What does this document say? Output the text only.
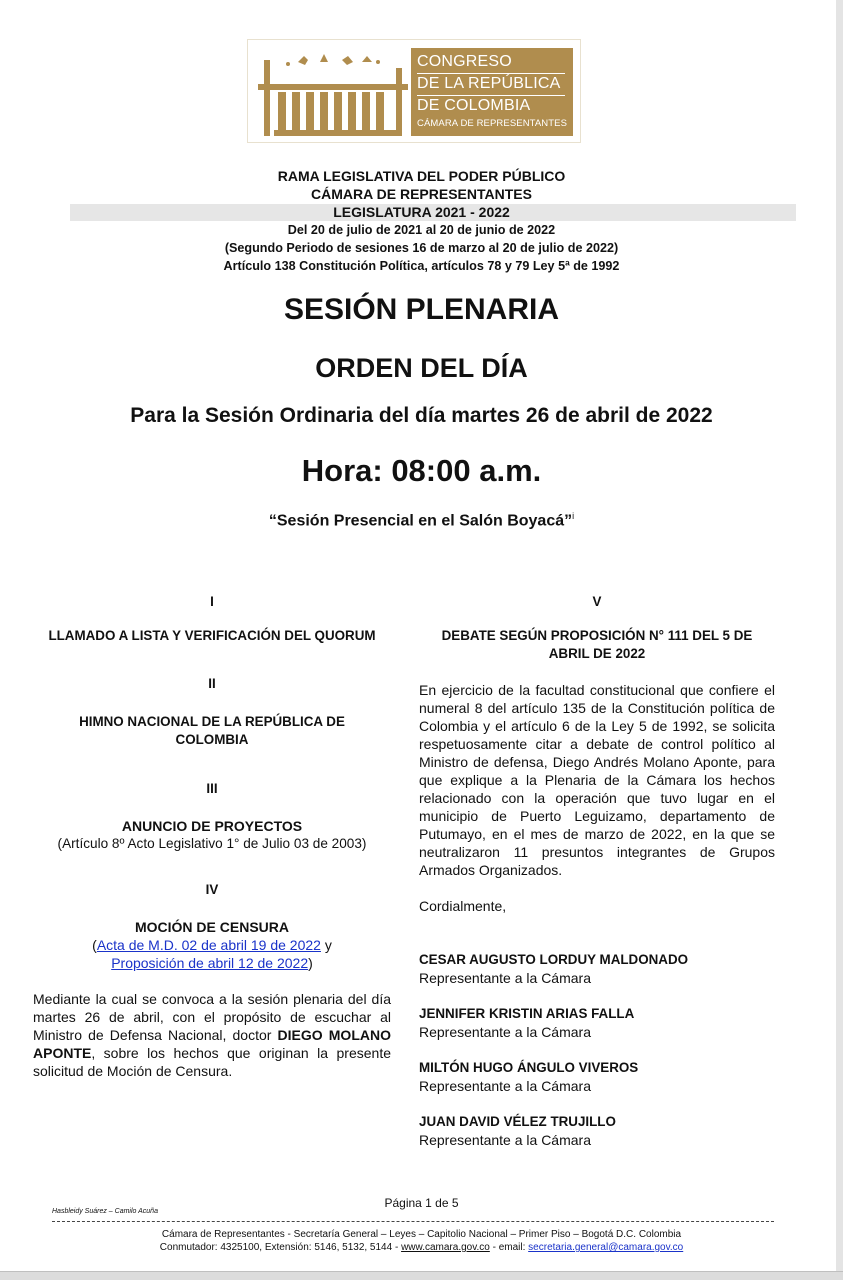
CONGRESO
DE LA REPÚBLICA
DE COLOMBIA
CÁMARA DE REPRESENTANTES
RAMA LEGISLATIVA DEL PODER PÚBLICO
CÁMARA DE REPRESENTANTES
LEGISLATURA 2021 - 2022
Del 20 de julio de 2021 al 20 de junio de 2022
(Segundo Periodo de sesiones 16 de marzo al 20 de julio de 2022)
Artículo 138 Constitución Política, artículos 78 y 79 Ley 5ª de 1992
SESIÓN PLENARIA
ORDEN DEL DÍA
Para la Sesión Ordinaria del día martes 26 de abril de 2022
Hora: 08:00 a.m.
“Sesión Presencial en el Salón Boyacá”$^i$
I
LLAMADO A LISTA Y VERIFICACIÓN DEL QUORUM
II
HIMNO NACIONAL DE LA REPÚBLICA DE COLOMBIA
III
ANUNCIO DE PROYECTOS
(Artículo 8º Acto Legislativo 1° de Julio 03 de 2003)
IV
MOCIÓN DE CENSURA
(Acta de M.D. 02 de abril 19 de 2022 y
Proposición de abril 12 de 2022)
Mediante la cual se convoca a la sesión plenaria del día martes 26 de abril, con el propósito de escuchar al Ministro de Defensa Nacional, doctor DIEGO MOLANO APONTE, sobre los hechos que originan la presente solicitud de Moción de Censura.
V
DEBATE SEGÚN PROPOSICIÓN N° 111 DEL 5 DE ABRIL DE 2022
En ejercicio de la facultad constitucional que confiere el numeral 8 del artículo 135 de la Constitución política de Colombia y el artículo 6 de la Ley 5 de 1992, se solicita respetuosamente citar a debate de control político al Ministro de defensa, Diego Andrés Molano Aponte, para que explique a la Plenaria de la Cámara los hechos relacionado con la operación que tuvo lugar en el municipio de Puerto Leguizamo, departamento de Putumayo, en el mes de marzo de 2022, en la que se neutralizaron 11 presuntos integrantes de Grupos Armados Organizados.
Cordialmente,
CESAR AUGUSTO LORDUY MALDONADO
Representante a la Cámara
JENNIFER KRISTIN ARIAS FALLA
Representante a la Cámara
MILTÓN HUGO ÁNGULO VIVEROS
Representante a la Cámara
JUAN DAVID VÉLEZ TRUJILLO
Representante a la Cámara
Página 1 de 5
Hasbleidy Suárez – Camilo Acuña
Cámara de Representantes - Secretaría General – Leyes – Capitolio Nacional – Primer Piso – Bogotá D.C. Colombia
Conmutador: 4325100, Extensión: 5146, 5132, 5144 - www.camara.gov.co - email: secretaria.general@camara.gov.co
